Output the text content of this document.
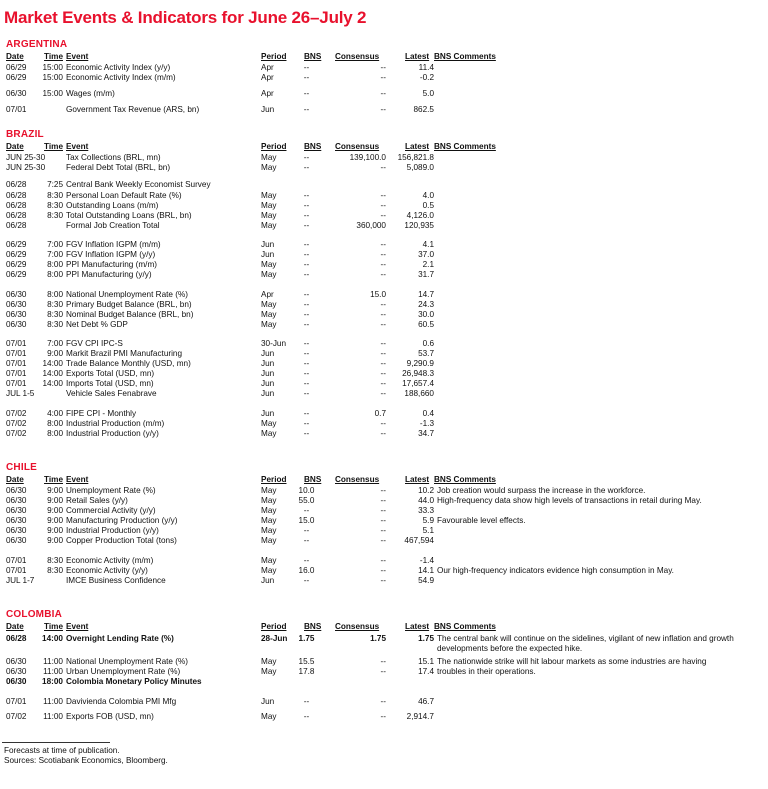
Market Events & Indicators for June 26–July 2
ARGENTINA
Date	Time Event	Period BNS Consensus	Latest BNS Comments
06/29	15:00 Economic Activity Index (y/y)	Apr	--	--	11.4
06/29	15:00 Economic Activity Index (m/m)	Apr	--	--	-0.2
06/30	15:00 Wages (m/m)	Apr	--	--	5.0
07/01	Government Tax Revenue (ARS, bn)	Jun	--	--	862.5
BRAZIL
Date	Time Event	Period BNS Consensus	Latest BNS Comments
JUN 25-30	Tax Collections (BRL, mn)	May	--	139,100.0	156,821.8
JUN 25-30	Federal Debt Total (BRL, bn)	May	--	--	5,089.0
06/28	7:25 Central Bank Weekly Economist Survey
06/28	8:30 Personal Loan Default Rate (%)	May	--	--	4.0
06/28	8:30 Outstanding Loans (m/m)	May	--	--	0.5
06/28	8:30 Total Outstanding Loans (BRL, bn)	May	--	--	4,126.0
06/28	Formal Job Creation Total	May	--	360,000	120,935
06/29	7:00 FGV Inflation IGPM (m/m)	Jun	--	--	4.1
06/29	7:00 FGV Inflation IGPM (y/y)	Jun	--	--	37.0
06/29	8:00 PPI Manufacturing (m/m)	May	--	--	2.1
06/29	8:00 PPI Manufacturing (y/y)	May	--	--	31.7
06/30	8:00 National Unemployment Rate (%)	Apr	--	15.0	14.7
06/30	8:30 Primary Budget Balance (BRL, bn)	May	--	--	24.3
06/30	8:30 Nominal Budget Balance (BRL, bn)	May	--	--	30.0
06/30	8:30 Net Debt % GDP	May	--	--	60.5
07/01	7:00 FGV CPI IPC-S	30-Jun	--	--	0.6
07/01	9:00 Markit Brazil PMI Manufacturing	Jun	--	--	53.7
07/01	14:00 Trade Balance Monthly (USD, mn)	Jun	--	--	9,290.9
07/01	14:00 Exports Total (USD, mn)	Jun	--	--	26,948.3
07/01	14:00 Imports Total (USD, mn)	Jun	--	--	17,657.4
JUL 1-5	Vehicle Sales Fenabrave	Jun	--	--	188,660
07/02	4:00 FIPE CPI - Monthly	Jun	--	0.7	0.4
07/02	8:00 Industrial Production (m/m)	May	--	--	-1.3
07/02	8:00 Industrial Production (y/y)	May	--	--	34.7
CHILE
Date	Time Event	Period BNS Consensus	Latest BNS Comments
06/30	9:00 Unemployment Rate (%)	May	10.0	--	10.2 Job creation would surpass the increase in the workforce.
06/30	9:00 Retail Sales (y/y)	May	55.0	--	44.0 High-frequency data show high levels of transactions in retail during May.
06/30	9:00 Commercial Activity (y/y)	May	--	--	33.3
06/30	9:00 Manufacturing Production (y/y)	May	15.0	--	5.9 Favourable level effects.
06/30	9:00 Industrial Production (y/y)	May	--	--	5.1
06/30	9:00 Copper Production Total (tons)	May	--	--	467,594
07/01	8:30 Economic Activity (m/m)	May	--	--	-1.4
07/01	8:30 Economic Activity (y/y)	May	16.0	--	14.1 Our high-frequency indicators evidence high consumption in May.
JUL 1-7	IMCE Business Confidence	Jun	--	--	54.9
COLOMBIA
Date	Time Event	Period BNS Consensus	Latest BNS Comments
06/28	14:00 Overnight Lending Rate (%)	28-Jun	1.75	1.75	1.75 The central bank will continue on the sidelines, vigilant of new inflation and growth
developments before the expected hike.
06/30	11:00 National Unemployment Rate (%)	May	15.5	--	15.1 The nationwide strike will hit labour markets as some industries are having
06/30	11:00 Urban Unemployment Rate (%)	May	17.8	--	17.4 troubles in their operations.
06/30	18:00 Colombia Monetary Policy Minutes
07/01	11:00 Davivienda Colombia PMI Mfg	Jun	--	--	46.7
07/02	11:00 Exports FOB (USD, mn)	May	--	--	2,914.7
Forecasts at time of publication.
Sources: Scotiabank Economics, Bloomberg.
